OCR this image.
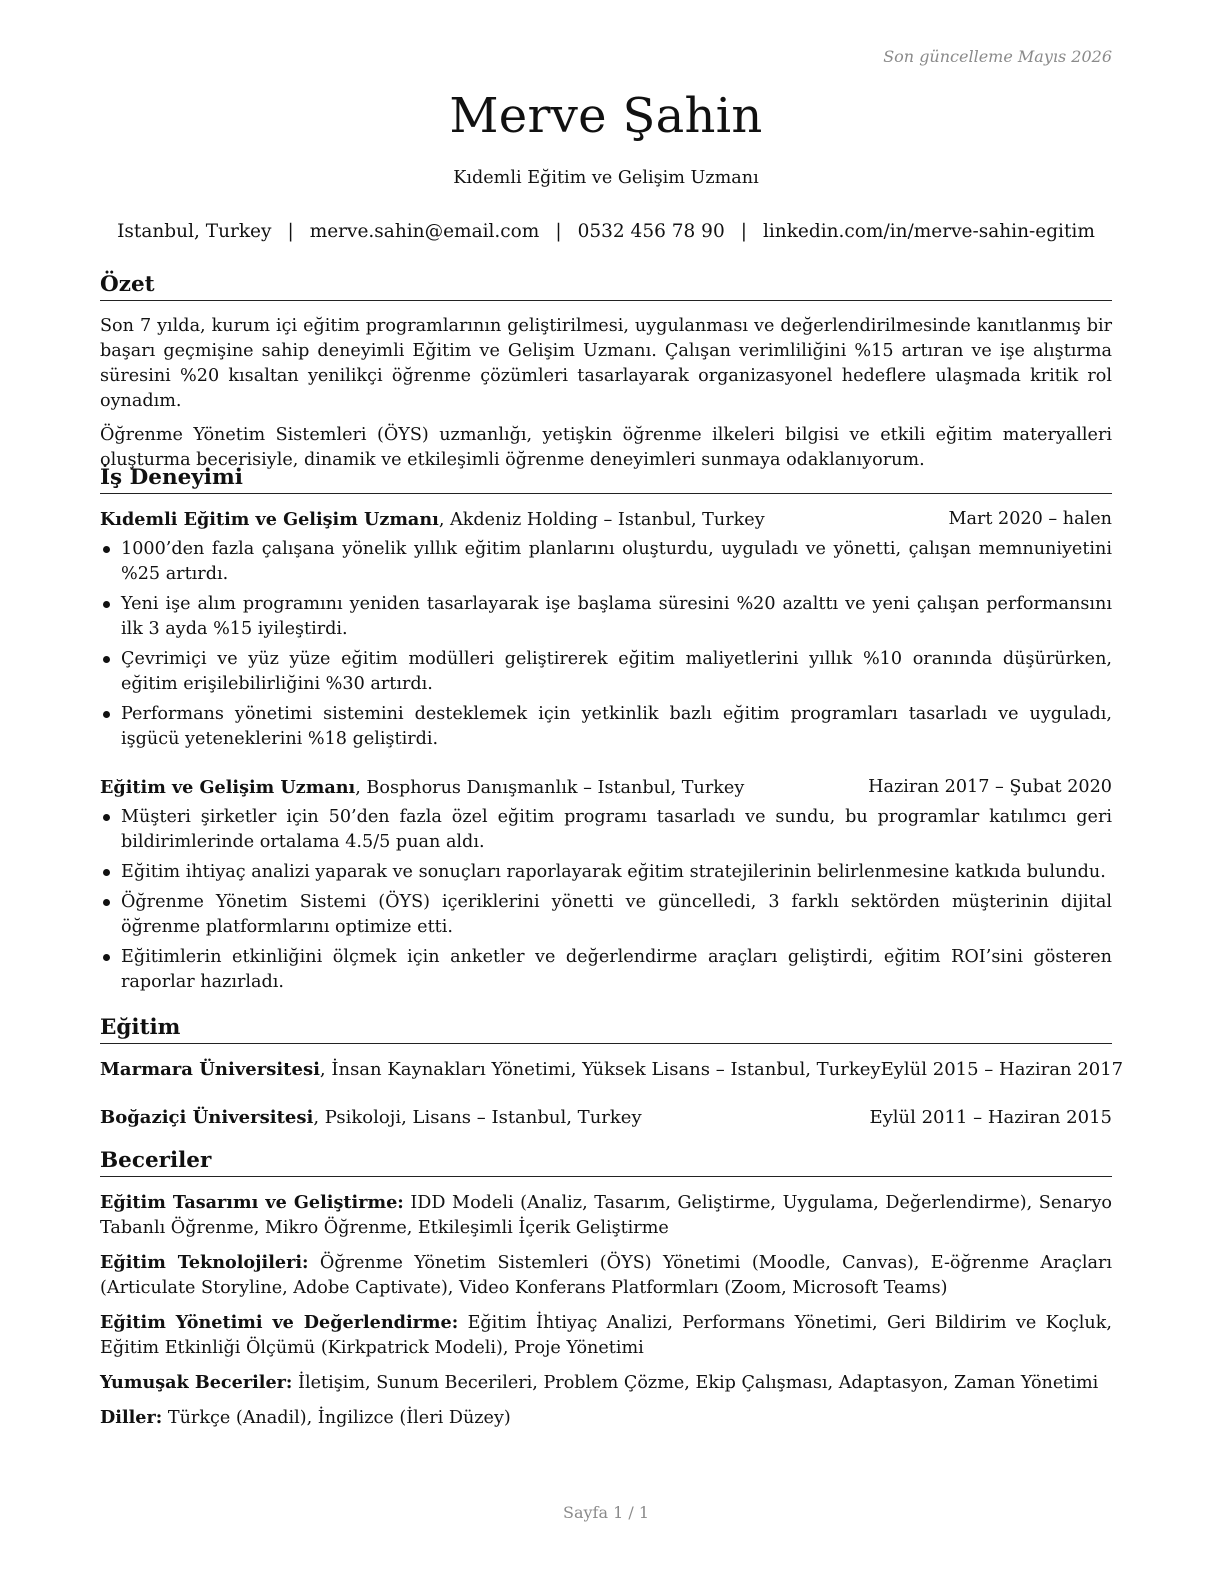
Son güncelleme Mayıs 2026
Merve Şahin
Kıdemli Eğitim ve Gelişim Uzmanı
Istanbul, Turkey | merve.sahin@email.com | 0532 456 78 90 | linkedin.com/in/merve-sahin-egitim
Özet

Son 7 yılda, kurum içi eğitim programlarının geliştirilmesi, uygulanması ve değerlendirilmesinde kanıtlanmış bir başarı geçmişine sahip deneyimli Eğitim ve Gelişim Uzmanı. Çalışan verimliliğini %15 artıran ve işe alıştırma süresini %20 kısaltan yenilikçi öğrenme çözümleri tasarlayarak organizasyonel hedeflere ulaşmada kritik rol oynadım.

Öğrenme Yönetim Sistemleri (ÖYS) uzmanlığı, yetişkin öğrenme ilkeleri bilgisi ve etkili eğitim materyalleri oluşturma becerisiyle, dinamik ve etkileşimli öğrenme deneyimleri sunmaya odaklanıyorum.

İş Deneyimi
Kıdemli Eğitim ve Gelişim Uzmanı, Akdeniz Holding – Istanbul, Turkey	Mart 2020 – halen
1000’den fazla çalışana yönelik yıllık eğitim planlarını oluşturdu, uyguladı ve yönetti, çalışan memnuniyetini %25 artırdı.
Yeni işe alım programını yeniden tasarlayarak işe başlama süresini %20 azalttı ve yeni çalışan performansını ilk 3 ayda %15 iyileştirdi.
Çevrimiçi ve yüz yüze eğitim modülleri geliştirerek eğitim maliyetlerini yıllık %10 oranında düşürürken, eğitim erişilebilirliğini %30 artırdı.
Performans yönetimi sistemini desteklemek için yetkinlik bazlı eğitim programları tasarladı ve uyguladı, işgücü yeteneklerini %18 geliştirdi.
Eğitim ve Gelişim Uzmanı, Bosphorus Danışmanlık – Istanbul, Turkey	Haziran 2017 – Şubat 2020
Müşteri şirketler için 50’den fazla özel eğitim programı tasarladı ve sundu, bu programlar katılımcı geri bildirimlerinde ortalama 4.5/5 puan aldı.
Eğitim ihtiyaç analizi yaparak ve sonuçları raporlayarak eğitim stratejilerinin belirlenmesine katkıda bulundu.
Öğrenme Yönetim Sistemi (ÖYS) içeriklerini yönetti ve güncelledi, 3 farklı sektörden müşterinin dijital öğrenme platformlarını optimize etti.
Eğitimlerin etkinliğini ölçmek için anketler ve değerlendirme araçları geliştirdi, eğitim ROI’sini gösteren raporlar hazırladı.
Eğitim
Marmara Üniversitesi, İnsan Kaynakları Yönetimi, Yüksek Lisans – Istanbul, Turkey Eylül 2015 – Haziran 2017
Boğaziçi Üniversitesi, Psikoloji, Lisans – Istanbul, Turkey	Eylül 2011 – Haziran 2015
Beceriler

Eğitim Tasarımı ve Geliştirme: IDD Modeli (Analiz, Tasarım, Geliştirme, Uygulama, Değerlendirme), Senaryo Tabanlı Öğrenme, Mikro Öğrenme, Etkileşimli İçerik Geliştirme

Eğitim Teknolojileri: Öğrenme Yönetim Sistemleri (ÖYS) Yönetimi (Moodle, Canvas), E-öğrenme Araçları (Articulate Storyline, Adobe Captivate), Video Konferans Platformları (Zoom, Microsoft Teams)

Eğitim Yönetimi ve Değerlendirme: Eğitim İhtiyaç Analizi, Performans Yönetimi, Geri Bildirim ve Koçluk, Eğitim Etkinliği Ölçümü (Kirkpatrick Modeli), Proje Yönetimi

Yumuşak Beceriler: İletişim, Sunum Becerileri, Problem Çözme, Ekip Çalışması, Adaptasyon, Zaman Yönetimi

Diller: Türkçe (Anadil), İngilizce (İleri Düzey)

Sayfa 1 / 1
